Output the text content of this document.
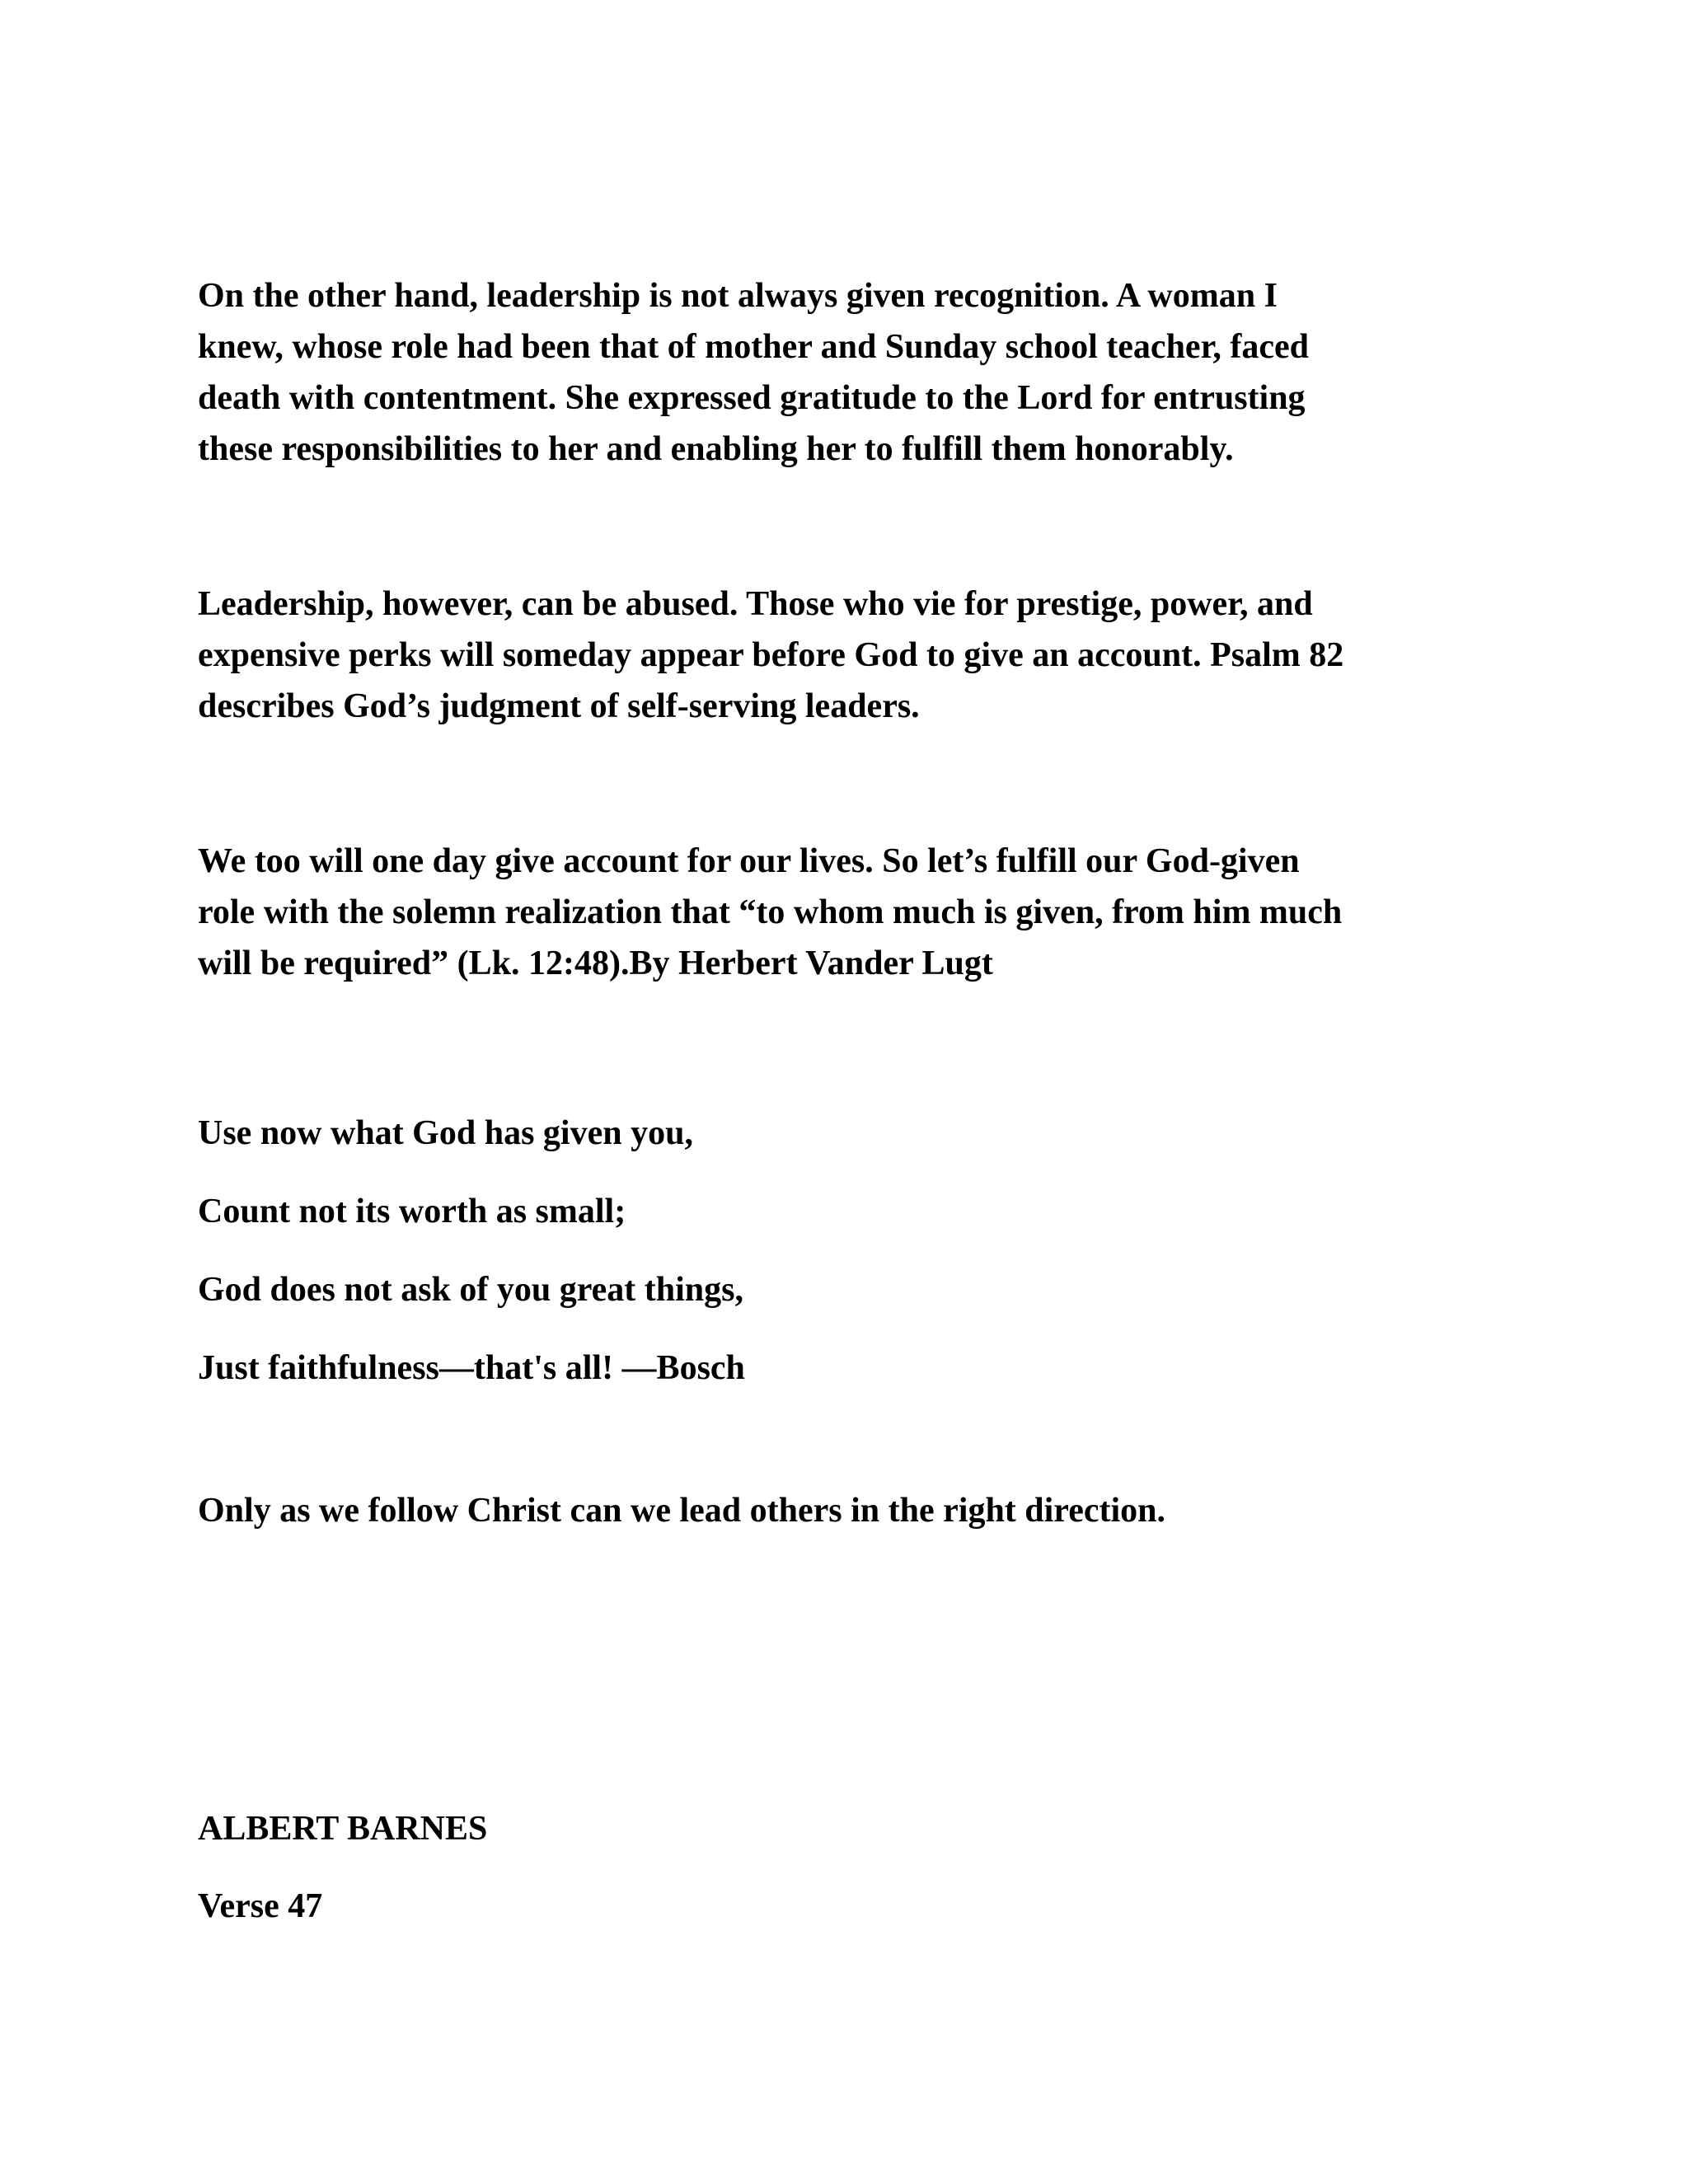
On the other hand, leadership is not always given recognition. A woman I
knew, whose role had been that of mother and Sunday school teacher, faced
death with contentment. She expressed gratitude to the Lord for entrusting
these responsibilities to her and enabling her to fulfill them honorably.
Leadership, however, can be abused. Those who vie for prestige, power, and
expensive perks will someday appear before God to give an account. Psalm 82
describes God’s judgment of self-serving leaders.
We too will one day give account for our lives. So let’s fulfill our God-given
role with the solemn realization that “to whom much is given, from him much
will be required” (Lk. 12:48).By Herbert Vander Lugt
Use now what God has given you,
Count not its worth as small;
God does not ask of you great things,
Just faithfulness—that's all! —Bosch
Only as we follow Christ can we lead others in the right direction.
ALBERT BARNES
Verse 47
